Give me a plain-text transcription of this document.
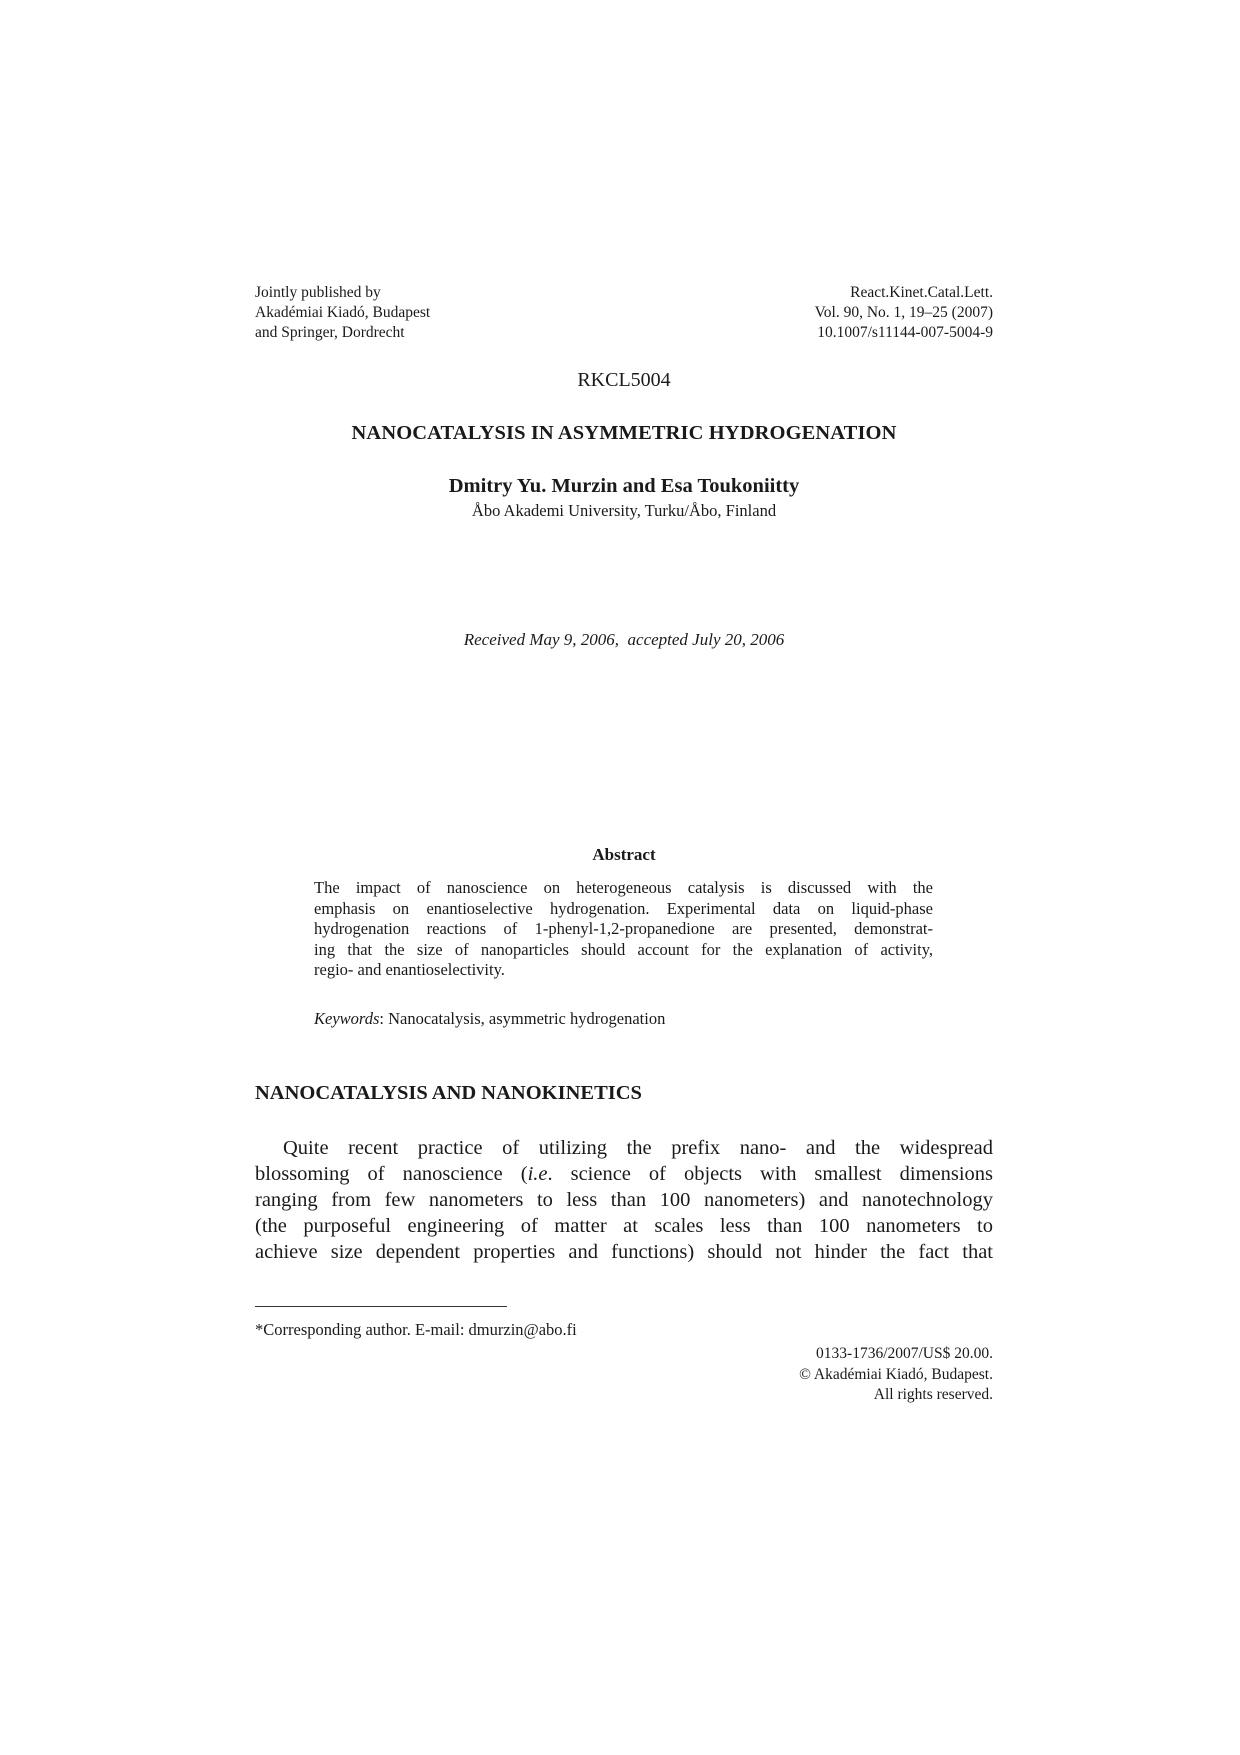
Jointly published by
Akadémiai Kiadó, Budapest
and Springer, Dordrecht
React.Kinet.Catal.Lett.
Vol. 90, No. 1, 19–25 (2007)
10.1007/s11144-007-5004-9
RKCL5004
NANOCATALYSIS IN ASYMMETRIC HYDROGENATION
Dmitry Yu. Murzin and Esa Toukoniitty
Åbo Akademi University, Turku/Åbo, Finland
Received May 9, 2006,  accepted July 20, 2006
Abstract
The impact of nanoscience on heterogeneous catalysis is discussed with the
emphasis on enantioselective hydrogenation. Experimental data on liquid-phase
hydrogenation reactions of 1-phenyl-1,2-propanedione are presented, demonstrat-
ing that the size of nanoparticles should account for the explanation of activity,
regio- and enantioselectivity.
Keywords: Nanocatalysis, asymmetric hydrogenation
NANOCATALYSIS AND NANOKINETICS
Quite recent practice of utilizing the prefix nano- and the widespread
blossoming of nanoscience (i.e. science of objects with smallest dimensions
ranging from few nanometers to less than 100 nanometers) and nanotechnology
(the purposeful engineering of matter at scales less than 100 nanometers to
achieve size dependent properties and functions) should not hinder the fact that
*Corresponding author. E-mail: dmurzin@abo.fi
0133-1736/2007/US$ 20.00.
© Akadémiai Kiadó, Budapest.
All rights reserved.
